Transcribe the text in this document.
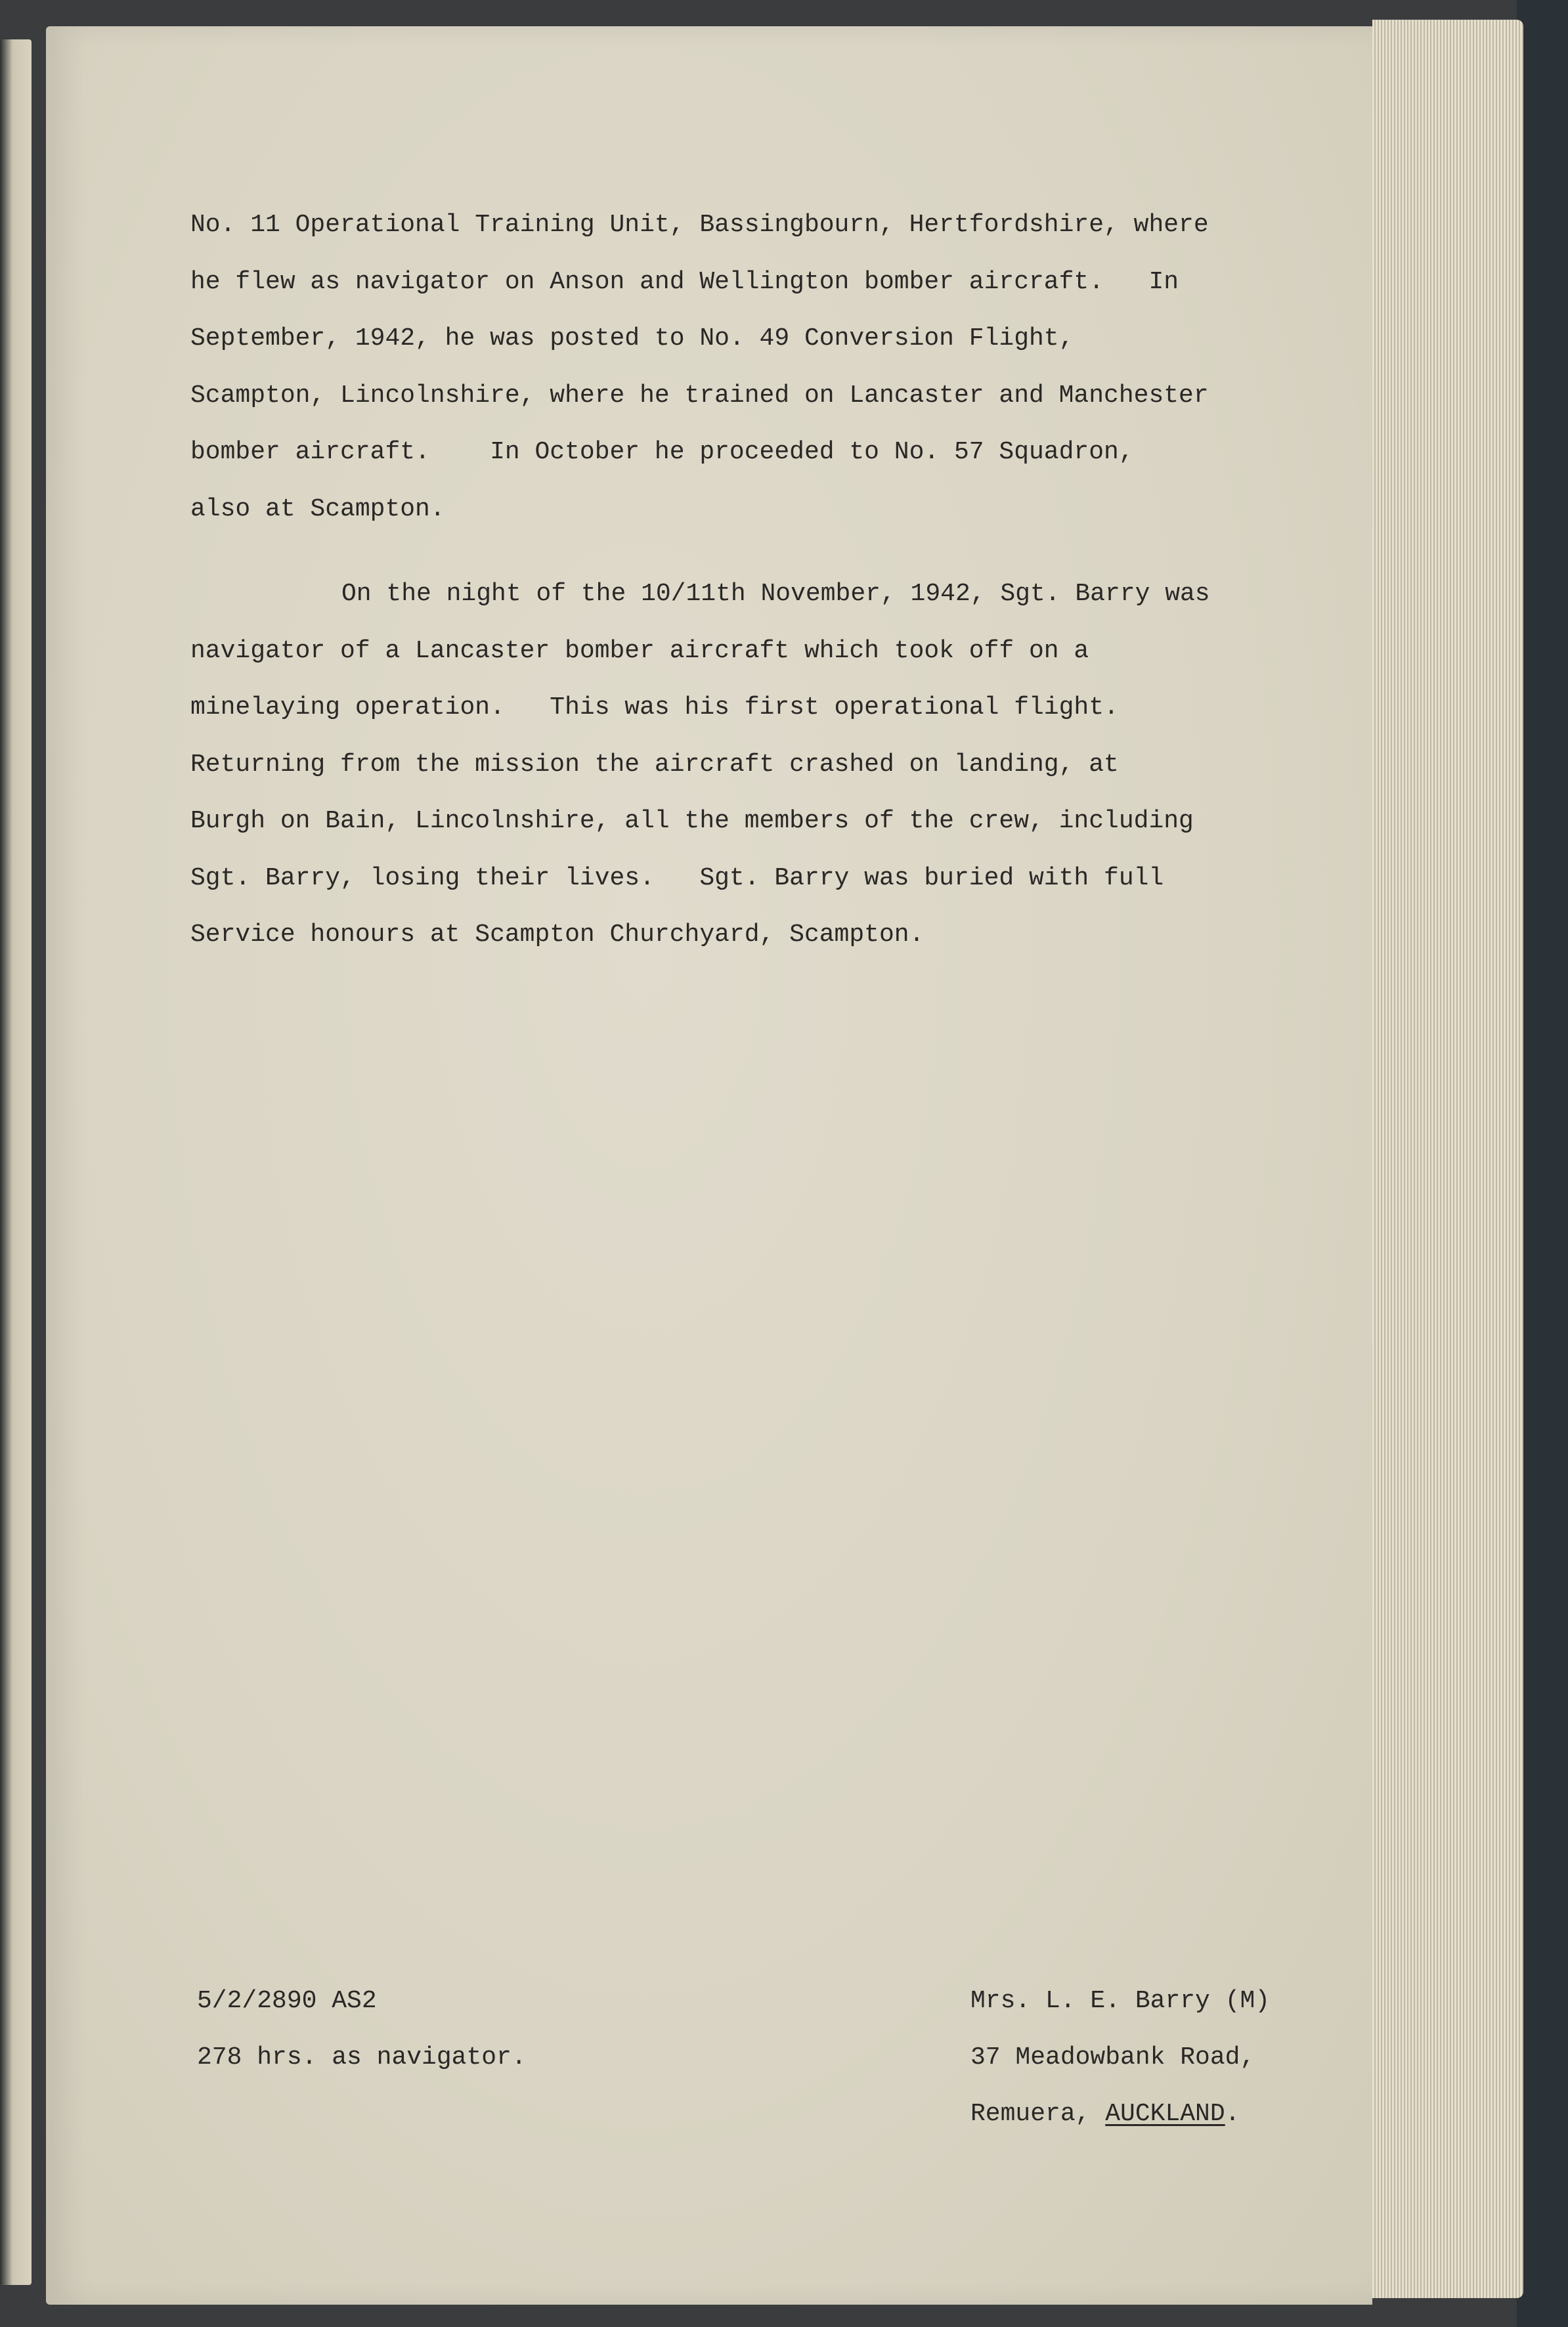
No. 11 Operational Training Unit, Bassingbourn, Hertfordshire, where

he flew as navigator on Anson and Wellington bomber aircraft.   In

September, 1942, he was posted to No. 49 Conversion Flight,

Scampton, Lincolnshire, where he trained on Lancaster and Manchester

bomber aircraft.    In October he proceeded to No. 57 Squadron,

also at Scampton.

On the night of the 10/11th November, 1942, Sgt. Barry was

navigator of a Lancaster bomber aircraft which took off on a

minelaying operation.   This was his first operational flight.

Returning from the mission the aircraft crashed on landing, at

Burgh on Bain, Lincolnshire, all the members of the crew, including

Sgt. Barry, losing their lives.   Sgt. Barry was buried with full

Service honours at Scampton Churchyard, Scampton.

5/2/2890 AS2
278 hrs. as navigator.
Mrs. L. E. Barry (M)
37 Meadowbank Road,
Remuera, AUCKLAND.
